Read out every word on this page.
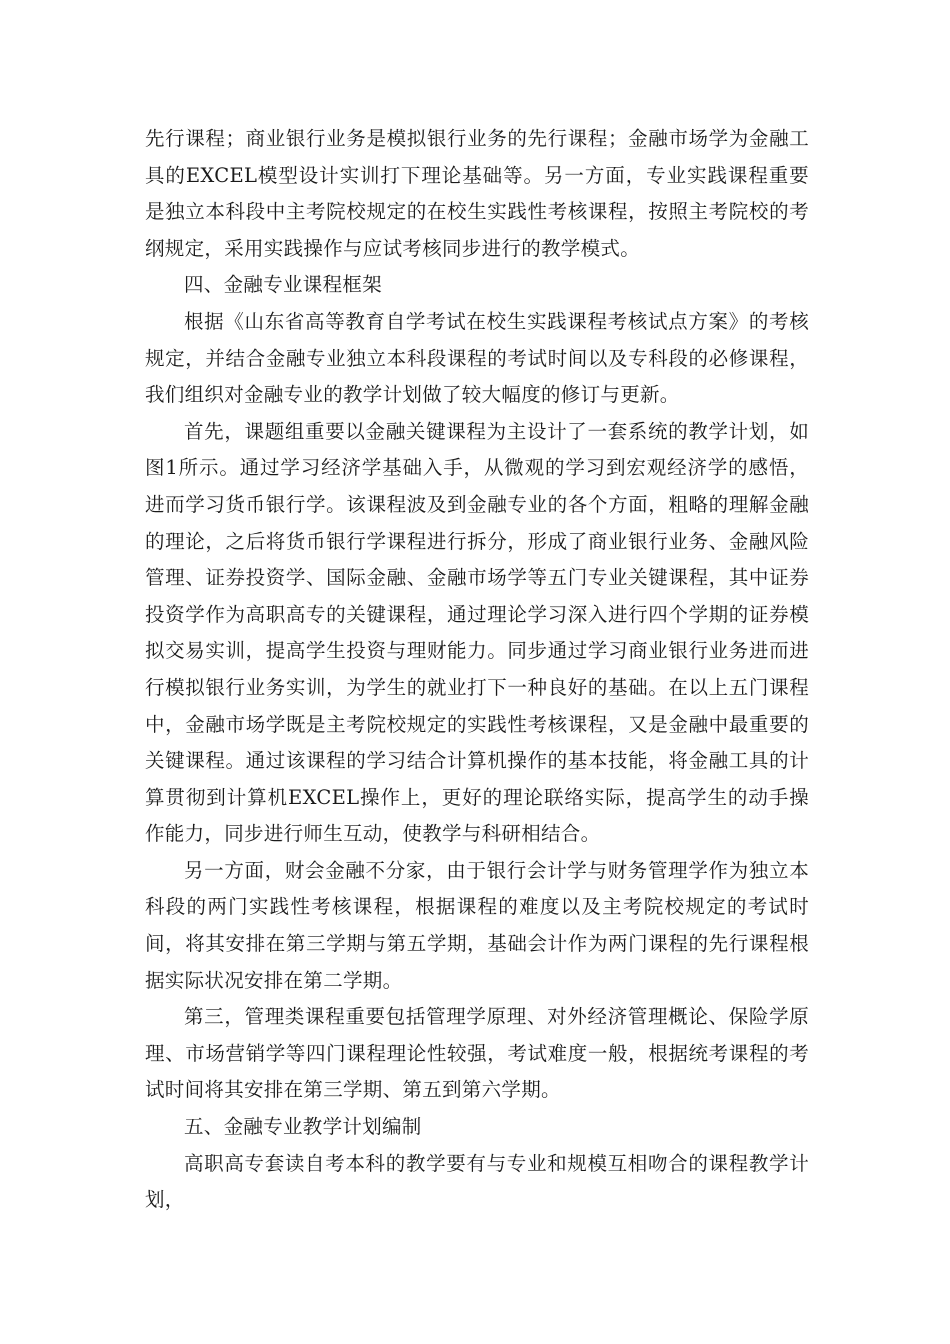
先行课程；商业银行业务是模拟银行业务的先行课程；金融市场学为金融工具的EXCEL模型设计实训打下理论基础等。另一方面，专业实践课程重要是独立本科段中主考院校规定的在校生实践性考核课程，按照主考院校的考纲规定，采用实践操作与应试考核同步进行的教学模式。

四、金融专业课程框架

根据《山东省高等教育自学考试在校生实践课程考核试点方案》的考核规定，并结合金融专业独立本科段课程的考试时间以及专科段的必修课程，我们组织对金融专业的教学计划做了较大幅度的修订与更新。

首先，课题组重要以金融关键课程为主设计了一套系统的教学计划，如图1所示。通过学习经济学基础入手，从微观的学习到宏观经济学的感悟，进而学习货币银行学。该课程波及到金融专业的各个方面，粗略的理解金融的理论，之后将货币银行学课程进行拆分，形成了商业银行业务、金融风险管理、证券投资学、国际金融、金融市场学等五门专业关键课程，其中证券投资学作为高职高专的关键课程，通过理论学习深入进行四个学期的证券模拟交易实训，提高学生投资与理财能力。同步通过学习商业银行业务进而进行模拟银行业务实训，为学生的就业打下一种良好的基础。在以上五门课程中，金融市场学既是主考院校规定的实践性考核课程，又是金融中最重要的关键课程。通过该课程的学习结合计算机操作的基本技能，将金融工具的计算贯彻到计算机EXCEL操作上，更好的理论联络实际，提高学生的动手操作能力，同步进行师生互动，使教学与科研相结合。

另一方面，财会金融不分家，由于银行会计学与财务管理学作为独立本科段的两门实践性考核课程，根据课程的难度以及主考院校规定的考试时间，将其安排在第三学期与第五学期，基础会计作为两门课程的先行课程根据实际状况安排在第二学期。

第三，管理类课程重要包括管理学原理、对外经济管理概论、保险学原理、市场营销学等四门课程理论性较强，考试难度一般，根据统考课程的考试时间将其安排在第三学期、第五到第六学期。

五、金融专业教学计划编制

高职高专套读自考本科的教学要有与专业和规模互相吻合的课程教学计划，
